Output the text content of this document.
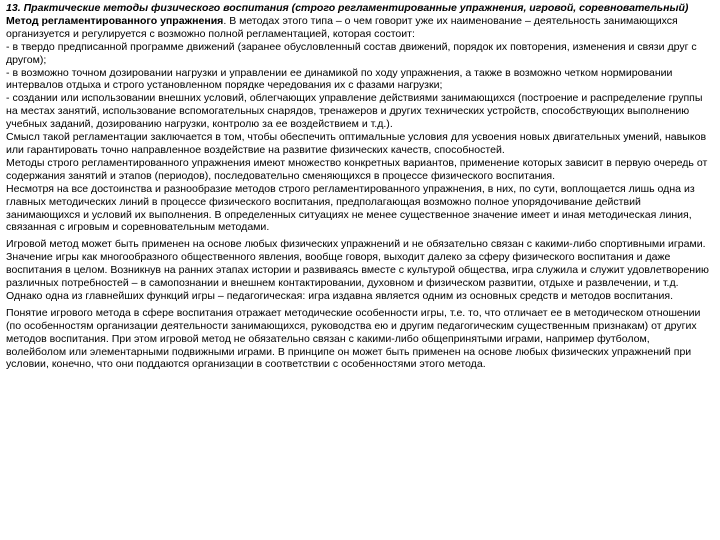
13. Практические методы физического воспитания (строго регламентированные упражнения, игровой, соревновательный)

Метод регламентированного упражнения. В методах этого типа – о чем говорит уже их наименование – деятельность занимающихся организуется и регулируется с возможно полной регламентацией, которая состоит:

- в твердо предписанной программе движений (заранее обусловленный состав движений, порядок их повторения, изменения и связи друг с другом);

- в возможно точном дозировании нагрузки и управлении ее динамикой по ходу упражнения, а также в возможно четком нормировании интервалов отдыха и строго установленном порядке чередования их с фазами нагрузки;

- создании или использовании внешних условий, облегчающих управление действиями занимающихся (построение и распределение группы на местах занятий, использование вспомогательных снарядов, тренажеров и других технических устройств, способствующих выполнению учебных заданий, дозированию нагрузки, контролю за ее воздействием и т.д.).

Смысл такой регламентации заключается в том, чтобы обеспечить оптимальные условия для усвоения новых двигательных умений, навыков или гарантировать точно направленное воздействие на развитие физических качеств, способностей.

Методы строго регламентированного упражнения имеют множество конкретных вариантов, применение которых зависит в первую очередь от содержания занятий и этапов (периодов), последовательно сменяющихся в процессе физического воспитания.

Несмотря на все достоинства и разнообразие методов строго регламентированного упражнения, в них, по сути, воплощается лишь одна из главных методических линий в процессе физического воспитания, предполагающая возможно полное упорядочивание действий занимающихся и условий их выполнения. В определенных ситуациях не менее существенное значение имеет и иная методическая линия, связанная с игровым и соревновательным методами.

Игровой метод может быть применен на основе любых физических упражнений и не обязательно связан с какими-либо спортивными играми. Значение игры как многообразного общественного явления, вообще говоря, выходит далеко за сферу физического воспитания и даже воспитания в целом. Возникнув на ранних этапах истории и развиваясь вместе с культурой общества, игра служила и служит удовлетворению различных потребностей – в самопознании и внешнем контактировании, духовном и физическом развитии, отдыхе и развлечении, и т.д. Однако одна из главнейших функций игры – педагогическая: игра издавна является одним из основных средств и методов воспитания.

Понятие игрового метода в сфере воспитания отражает методические особенности игры, т.е. то, что отличает ее в методическом отношении (по особенностям организации деятельности занимающихся, руководства ею и другим педагогическим существенным признакам) от других методов воспитания. При этом игровой метод не обязательно связан с какими-либо общепринятыми играми, например футболом, волейболом или элементарными подвижными играми. В принципе он может быть применен на основе любых физических упражнений при условии, конечно, что они поддаются организации в соответствии с особенностями этого метода.
